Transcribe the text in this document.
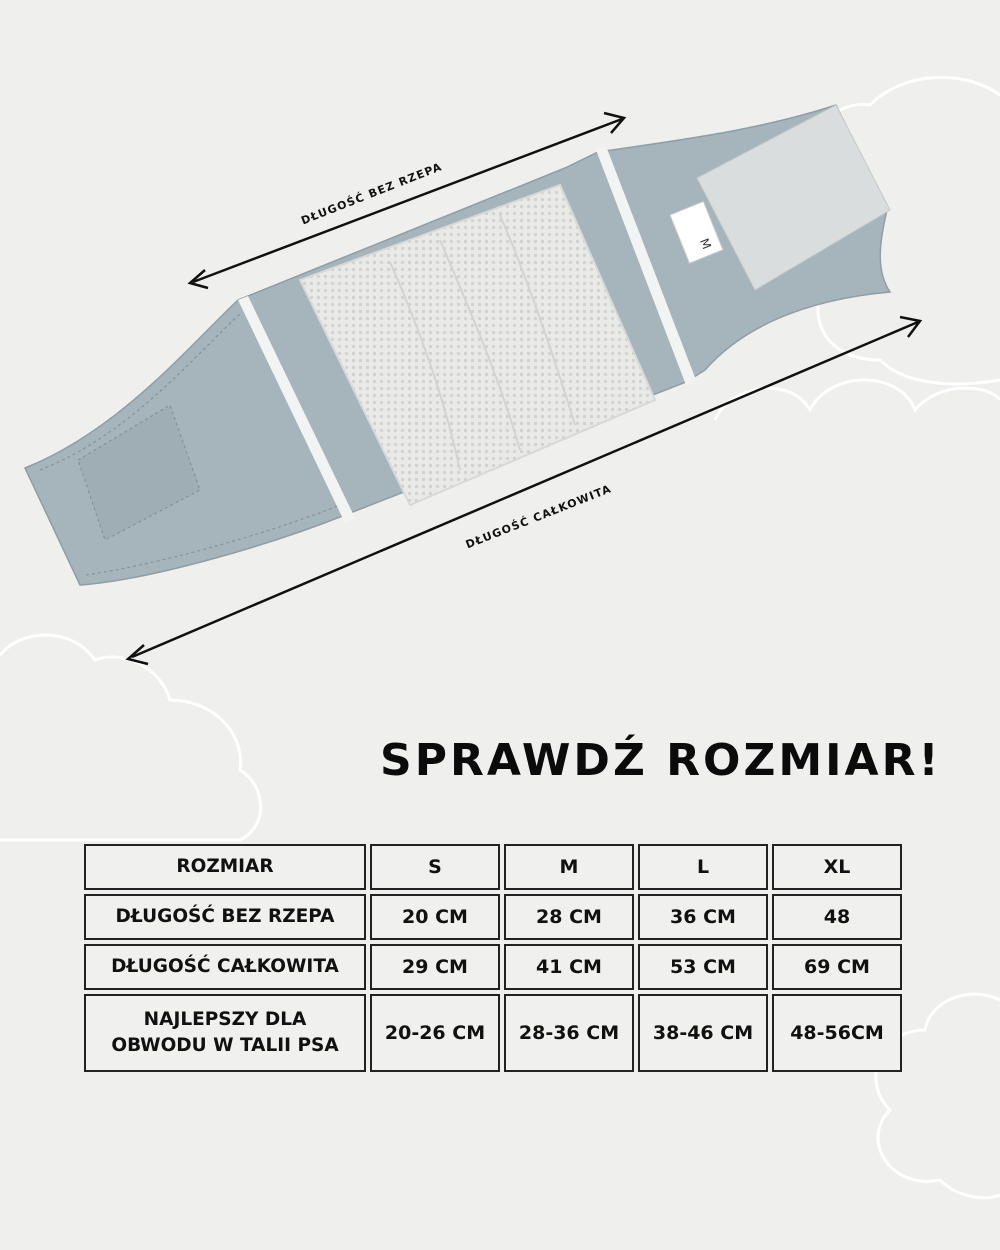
M
DŁUGOŚĆ BEZ RZEPA
DŁUGOŚĆ CAŁKOWITA
SPRAWDŹ ROZMIAR!
ROZMIAR	S	M	L	XL
DŁUGOŚĆ BEZ RZEPA	20 CM	28 CM	36 CM	48
DŁUGOŚĆ CAŁKOWITA	29 CM	41 CM	53 CM	69 CM
NAJLEPSZY DLA
OBWODU W TALII PSA	20-26 CM	28-36 CM	38-46 CM	48-56CM
